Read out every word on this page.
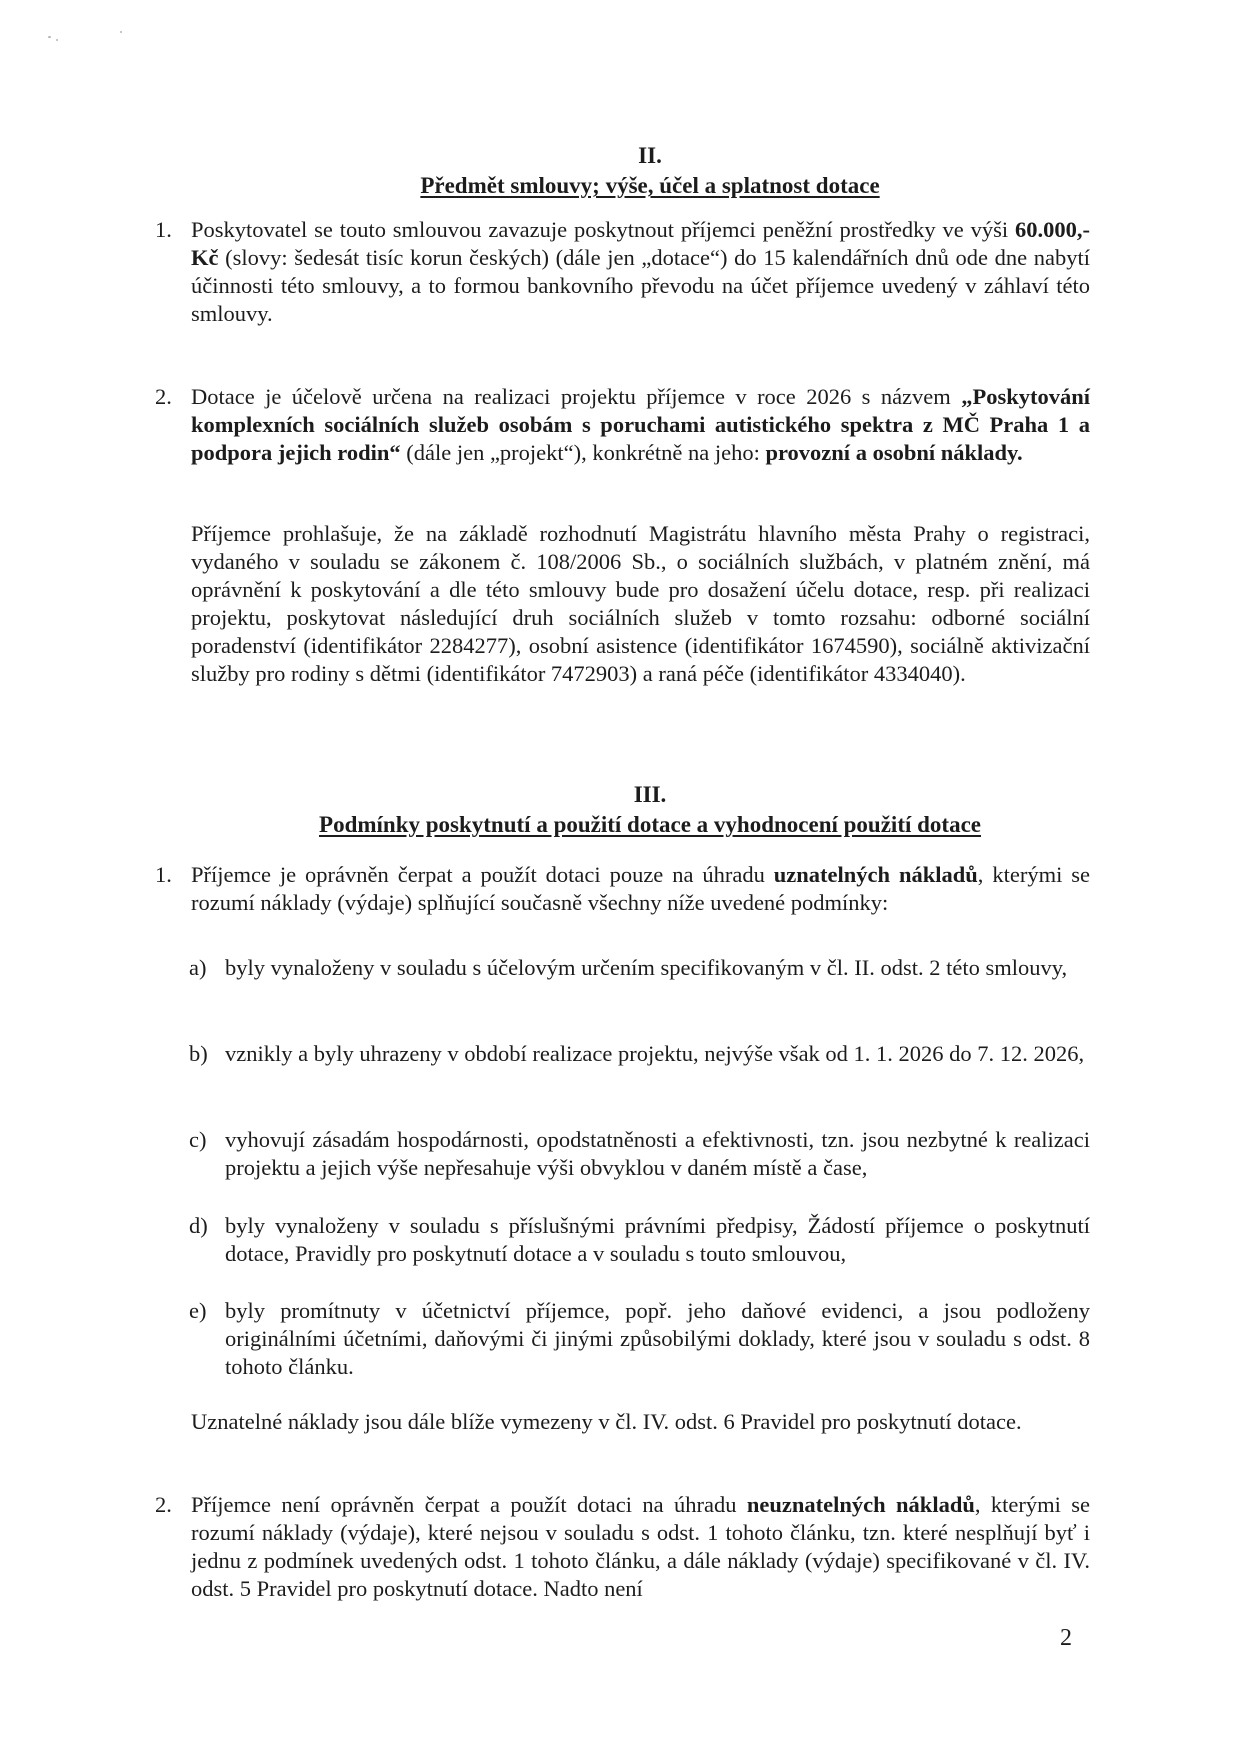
II.
Předmět smlouvy; výše, účel a splatnost dotace
1. Poskytovatel se touto smlouvou zavazuje poskytnout příjemci peněžní prostředky ve výši 60.000,- Kč (slovy: šedesát tisíc korun českých) (dále jen „dotace“) do 15 kalendářních dnů ode dne nabytí účinnosti této smlouvy, a to formou bankovního převodu na účet příjemce uvedený v záhlaví této smlouvy.
2. Dotace je účelově určena na realizaci projektu příjemce v roce 2026 s názvem „Poskytování komplexních sociálních služeb osobám s poruchami autistického spektra z MČ Praha 1 a podpora jejich rodin“ (dále jen „projekt“), konkrétně na jeho: provozní a osobní náklady.
Příjemce prohlašuje, že na základě rozhodnutí Magistrátu hlavního města Prahy o registraci, vydaného v souladu se zákonem č. 108/2006 Sb., o sociálních službách, v platném znění, má oprávnění k poskytování a dle této smlouvy bude pro dosažení účelu dotace, resp. při realizaci projektu, poskytovat následující druh sociálních služeb v tomto rozsahu: odborné sociální poradenství (identifikátor 2284277), osobní asistence (identifikátor 1674590), sociálně aktivizační služby pro rodiny s dětmi (identifikátor 7472903) a raná péče (identifikátor 4334040).
III.
Podmínky poskytnutí a použití dotace a vyhodnocení použití dotace
1. Příjemce je oprávněn čerpat a použít dotaci pouze na úhradu uznatelných nákladů, kterými se rozumí náklady (výdaje) splňující současně všechny níže uvedené podmínky:
a) byly vynaloženy v souladu s účelovým určením specifikovaným v čl. II. odst. 2 této smlouvy,
b) vznikly a byly uhrazeny v období realizace projektu, nejvýše však od 1. 1. 2026 do 7. 12. 2026,
c) vyhovují zásadám hospodárnosti, opodstatněnosti a efektivnosti, tzn. jsou nezbytné k realizaci projektu a jejich výše nepřesahuje výši obvyklou v daném místě a čase,
d) byly vynaloženy v souladu s příslušnými právními předpisy, Žádostí příjemce o poskytnutí dotace, Pravidly pro poskytnutí dotace a v souladu s touto smlouvou,
e) byly promítnuty v účetnictví příjemce, popř. jeho daňové evidenci, a jsou podloženy originálními účetními, daňovými či jinými způsobilými doklady, které jsou v souladu s odst. 8 tohoto článku.
Uznatelné náklady jsou dále blíže vymezeny v čl. IV. odst. 6 Pravidel pro poskytnutí dotace.
2. Příjemce není oprávněn čerpat a použít dotaci na úhradu neuznatelných nákladů, kterými se rozumí náklady (výdaje), které nejsou v souladu s odst. 1 tohoto článku, tzn. které nesplňují byť i jednu z podmínek uvedených odst. 1 tohoto článku, a dále náklady (výdaje) specifikované v čl. IV. odst. 5 Pravidel pro poskytnutí dotace. Nadto není
2
